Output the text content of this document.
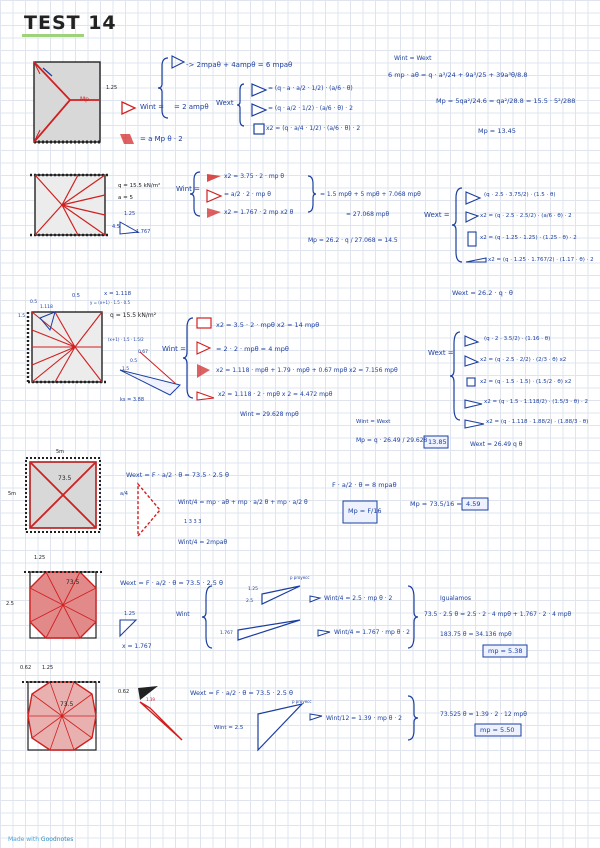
TEST 14
Mp
1.25
Wint =
-> 2mpaθ + 4ampθ = 6 mpaθ
= 2 ampθ
= a Mp θ · 2
Wext
= (q · a · a/2 · 1/2) · (a/6 · θ)
= (q · a/2 · 1/2) · (a/6 · θ) · 2
x2 = (q · a/4 · 1/2) · (a/6 · θ) · 2
Wint = Wext
6 mp · aθ = q · a³/24 + 9a³/25 + 39a³θ/8.8
Mp = 5qa²/24.6 = qa²/28.8 = 15.5 · 5²/288
Mp = 13.45
q = 15.5 kN/m²
a = 5
1.25
4.5
1.767
Wint =
x2 = 3.75 · 2 · mp θ
= a/2 · 2 · mp θ
x2 = 1.767 · 2 mp x2 θ
= 1.5 mpθ + 5 mpθ + 7.068 mpθ
= 27.068 mpθ
Mp = 26.2 · q / 27.068 = 14.5
Wext =
(q · 2.5 · 3.75/2) · (1.5 · θ)
x2 = (q · 2.5 · 2.5/2) · (a/6 · θ) · 2
x2 = (q · 1.25 · 1.25) · (1.25 · θ) · 2
x2 = (q · 1.25 · 1.767/2) · (1.17 · θ) · 2
Wext = 26.2 · q · θ
0.5	x = 1.118
y = (x+1) · 1.5 · 0.5
q = 15.5 kN/m²
0.5
1.5
1.118
0.67
1.5
0.5
ks = 3.88
(x+1) · 1.5 · 1.5/2
Wint =
x2 = 3.5 · 2 · mpθ x2 = 14 mpθ
= 2 · 2 · mpθ = 4 mpθ
x2 = 1.118 · mpθ + 1.79 · mpθ + 0.67 mpθ x2 = 7.156 mpθ
x2 = 1.118 · 2 · mpθ x 2 = 4.472 mpθ
Wint = 29.628 mpθ
Wext =
(q · 2 · 3.5/2) · (1.16 · θ)
x2 = (q · 2.5 · 2/2) · (2/3 · θ) x2
x2 = (q · 1.5 · 1.5) · (1.5/2 · θ) x2
x2 = (q · 1.5 · 1.118/2) · (1.5/3 · θ) · 2
x2 = (q · 1.118 · 1.88/2) · (1.88/3 · θ)
Wext = 26.49 q θ
Wint = Wext
Mp = q · 26.49 / 29.628 13.85
5m
5m
73.5	Wext = F · a/2 · θ = 73.5 · 2.5 θ
a/4
Wint/4 = mp · aθ + mp · a/2 θ + mp · a/2 θ
1 3 3 3
Wint/4 = 2mpaθ
F · a/2 · θ = 8 mpaθ
Mp = F/16
Mp = 73.5/16 = 4.59
1.25
2.5
73.5	Wext = F · a/2 · θ = 73.5 · 2.5 θ
Wint
p proyecc
Wint/4 = 2.5 · mp θ · 2
Wint/4 = 1.767 · mp θ · 2
1.25
2.5
1.767
x = 1.767
1.25
Igualamos
73.5 · 2.5 θ = 2.5 · 2 · 4 mpθ + 1.767 · 2 · 4 mpθ
183.75 θ = 34.136 mpθ
mp = 5.38
0.62 1.25
73.5
0.62
1.39
Wext = F · a/2 · θ = 73.5 · 2.5 θ
Wint = 2.5
p proyecc
Wint/12 = 1.39 · mp θ · 2
73.525 θ = 1.39 · 2 · 12 mpθ
mp = 5.50
Made with Goodnotes
